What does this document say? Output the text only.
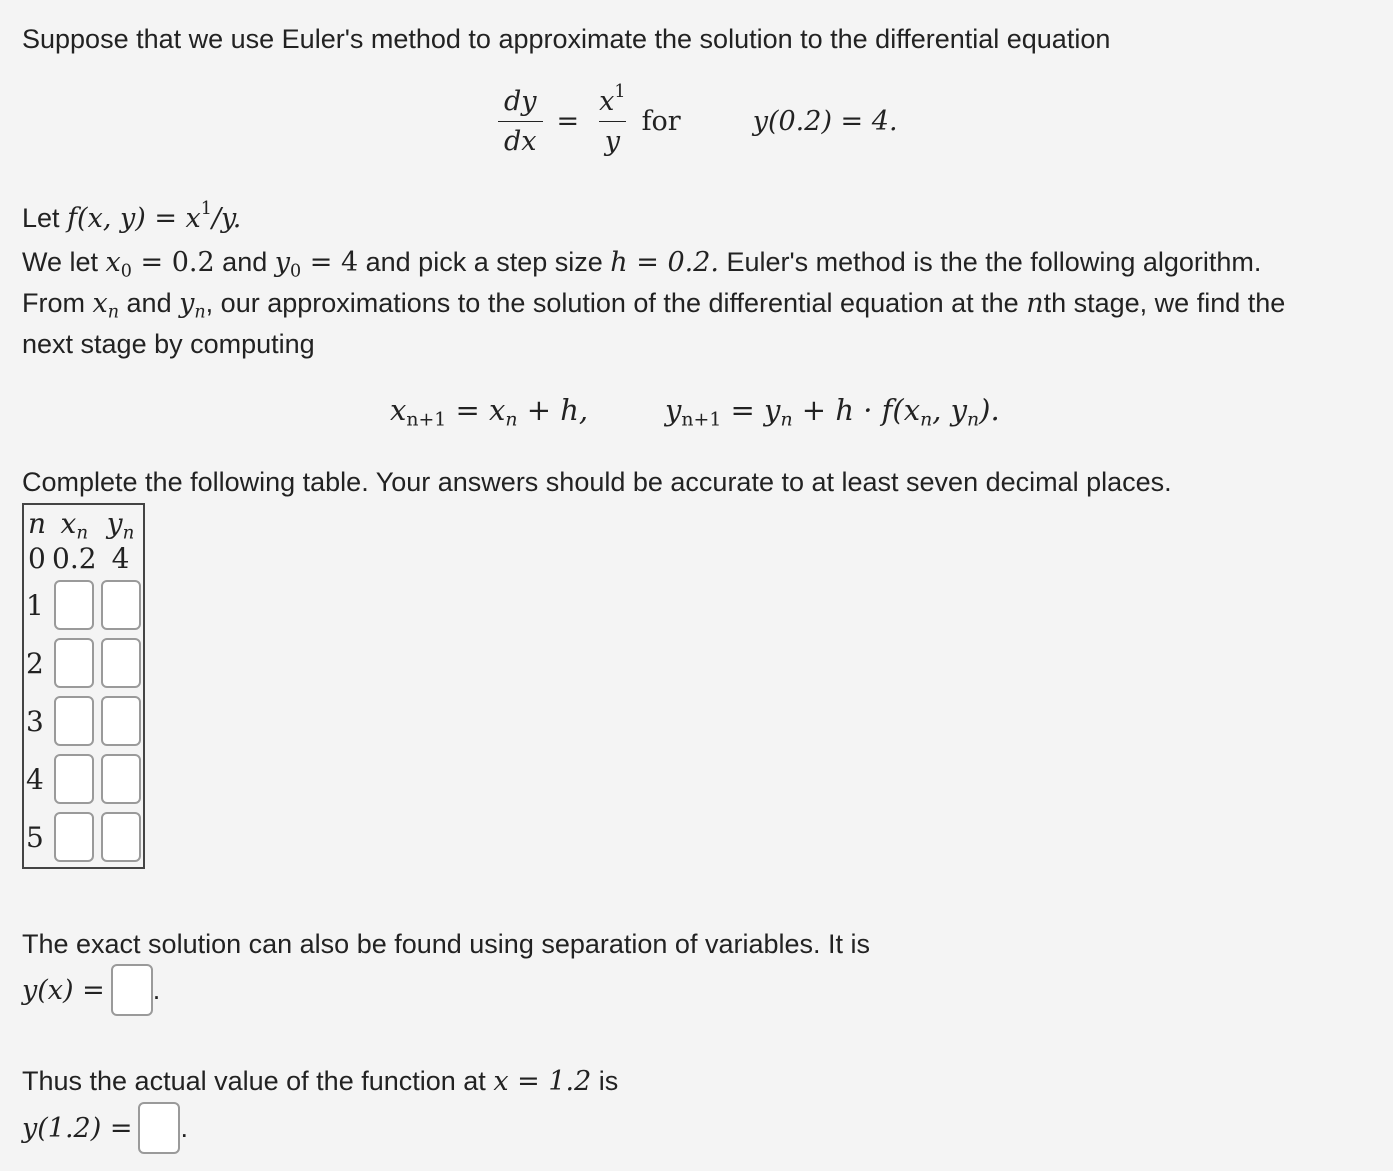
Suppose that we use Euler's method to approximate the solution to the differential equation
$\frac{dy}{dx} = \frac{x^1}{y}$ for	y(0.2) = 4.
Let f(x, $y) = x^1/y$.
We let $x_0 = 0.2$ and $y_0 = 4$ and pick a step size h = 0.2. Euler's method is the the following algorithm.
From $x_n$ and $y_n$, our approximations to the solution of the differential equation at the nth stage, we find the
next stage by computing
$x_{n+1} = x_n + h$,	$y_{n+1} = y_n + h \cdot f(x_n$, $y_n$).
Complete the following table. Your answers should be accurate to at least seven decimal places.
n	$x_n$	$y_n$
0	0.2	4
1		
2		
3		
4		
5		
The exact solution can also be found using separation of variables. It is
y(x) = .
Thus the actual value of the function at x = 1.2 is
y(1.2) = .
